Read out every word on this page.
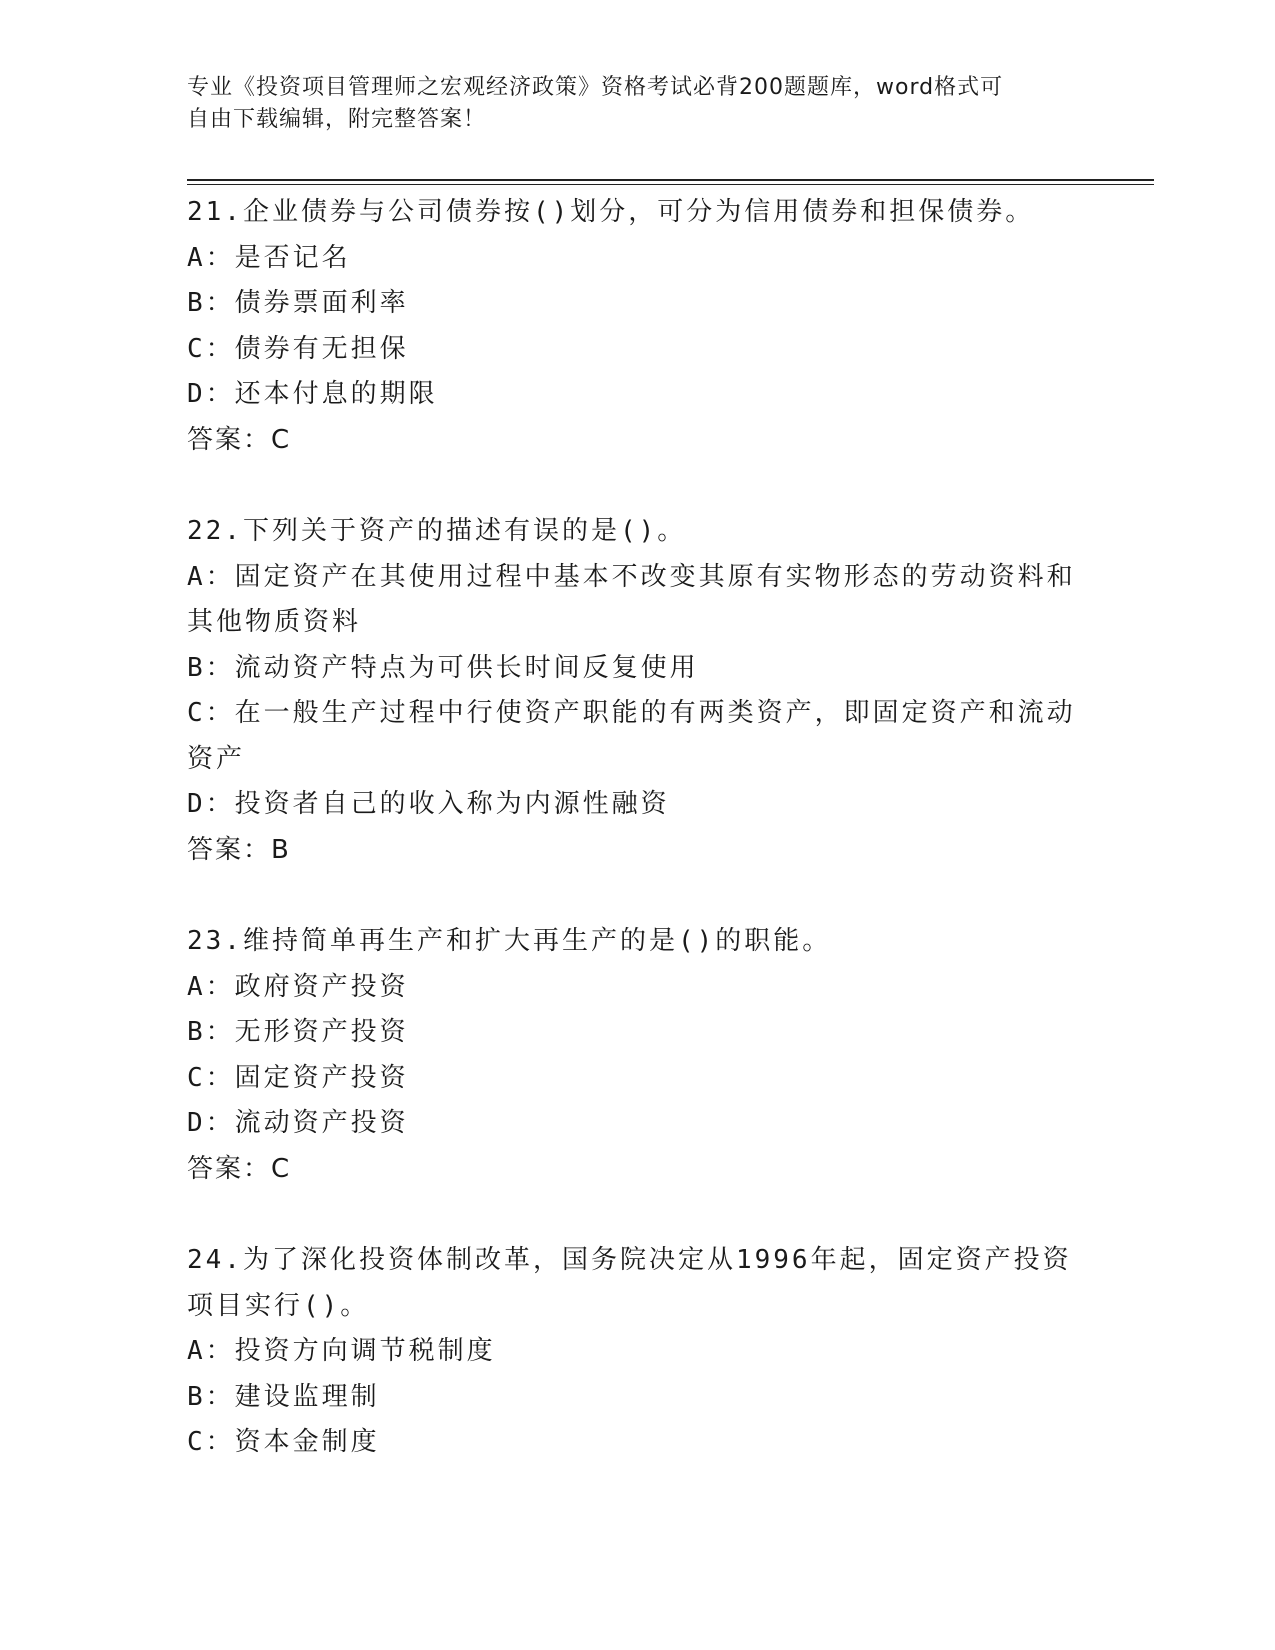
专业《投资项目管理师之宏观经济政策》资格考试必背200题题库，word格式可
自由下载编辑，附完整答案！
21.企业债券与公司债券按()划分，可分为信用债券和担保债券。
A：是否记名
B：债券票面利率
C：债券有无担保
D：还本付息的期限
答案：C
22.下列关于资产的描述有误的是()。
A：固定资产在其使用过程中基本不改变其原有实物形态的劳动资料和其他物质资料
B：流动资产特点为可供长时间反复使用
C：在一般生产过程中行使资产职能的有两类资产，即固定资产和流动资产
D：投资者自己的收入称为内源性融资
答案：B
23.维持简单再生产和扩大再生产的是()的职能。
A：政府资产投资
B：无形资产投资
C：固定资产投资
D：流动资产投资
答案：C
24.为了深化投资体制改革，国务院决定从1996年起，固定资产投资项目实行()。
A：投资方向调节税制度
B：建设监理制
C：资本金制度
